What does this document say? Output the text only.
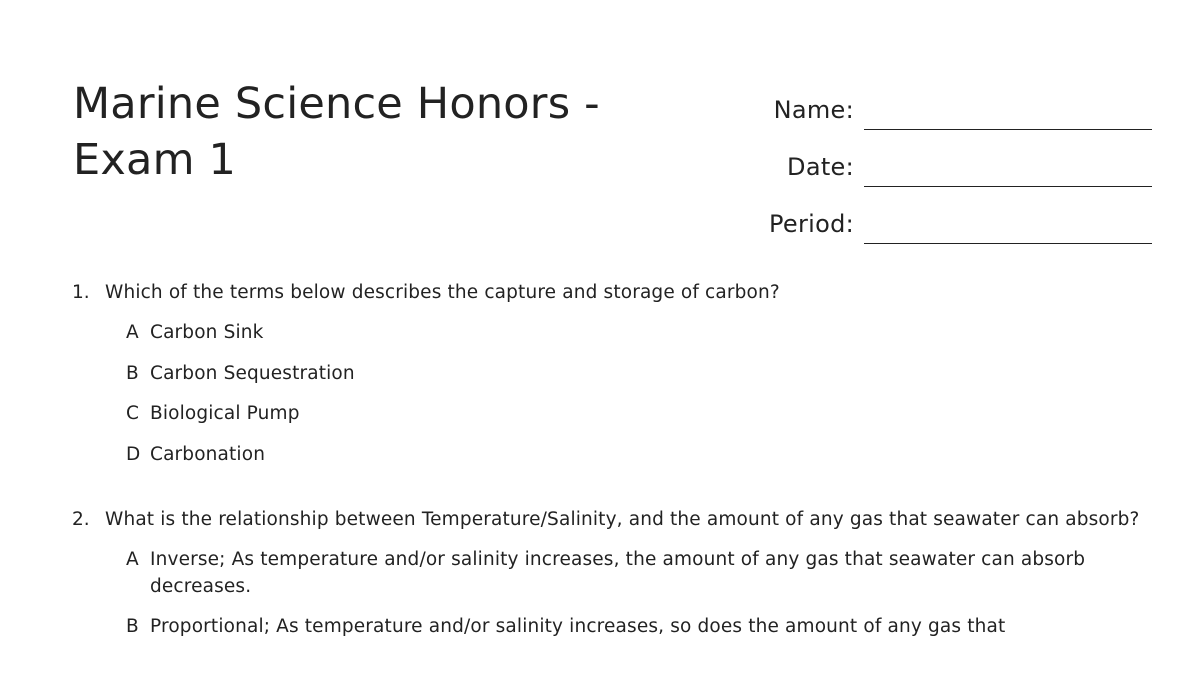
Marine Science Honors - Exam 1
Name:
Date:
Period:
1. Which of the terms below describes the capture and storage of carbon?
A Carbon Sink
B Carbon Sequestration
C Biological Pump
D Carbonation
2. What is the relationship between Temperature/Salinity, and the amount of any gas that seawater can absorb?
A Inverse; As temperature and/or salinity increases, the amount of any gas that seawater can absorb decreases.
B Proportional; As temperature and/or salinity increases, so does the amount of any gas that
